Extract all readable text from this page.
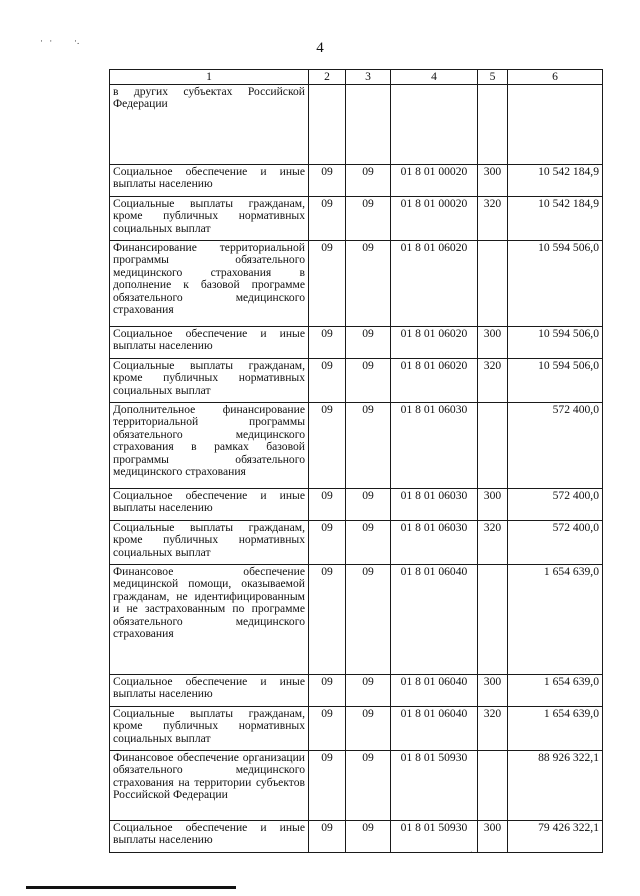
· · ·.
·
4
1	2	3	4	5	6
в других субъектах Российской Федерации					
Социальное обеспечение и иные выплаты населению	09	09	01 8 01 00020	300	10 542 184,9
Социальные выплаты гражданам, кроме публичных нормативных социальных выплат	09	09	01 8 01 00020	320	10 542 184,9
Финансирование территориальной программы обязательного медицинского страхования в дополнение к базовой программе обязательного медицинского страхования	09	09	01 8 01 06020		10 594 506,0
Социальное обеспечение и иные выплаты населению	09	09	01 8 01 06020	300	10 594 506,0
Социальные выплаты гражданам, кроме публичных нормативных социальных выплат	09	09	01 8 01 06020	320	10 594 506,0
Дополнительное финансирование территориальной программы обязательного медицинского страхования в рамках базовой программы обязательного медицинского страхования	09	09	01 8 01 06030		572 400,0
Социальное обеспечение и иные выплаты населению	09	09	01 8 01 06030	300	572 400,0
Социальные выплаты гражданам, кроме публичных нормативных социальных выплат	09	09	01 8 01 06030	320	572 400,0
Финансовое обеспечение медицинской помощи, оказываемой гражданам, не идентифицированным и не застрахованным по программе обязательного медицинского страхования	09	09	01 8 01 06040		1 654 639,0
Социальное обеспечение и иные выплаты населению	09	09	01 8 01 06040	300	1 654 639,0
Социальные выплаты гражданам, кроме публичных нормативных социальных выплат	09	09	01 8 01 06040	320	1 654 639,0
Финансовое обеспечение организации обязательного медицинского страхования на территории субъектов Российской Федерации	09	09	01 8 01 50930		88 926 322,1
Социальное обеспечение и иные выплаты населению	09	09	01 8 01 50930	300	79 426 322,1
